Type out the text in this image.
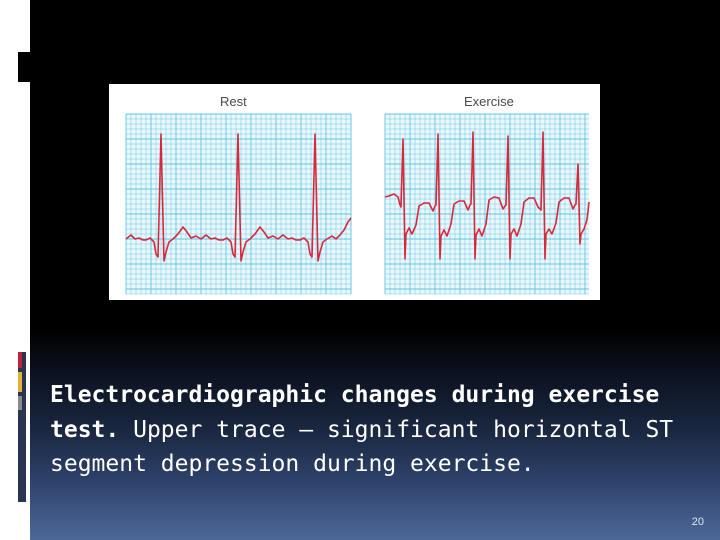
Rest	Exercise

Electrocardiographic changes during exercise test. Upper trace – significant horizontal ST segment depression during exercise.

20
